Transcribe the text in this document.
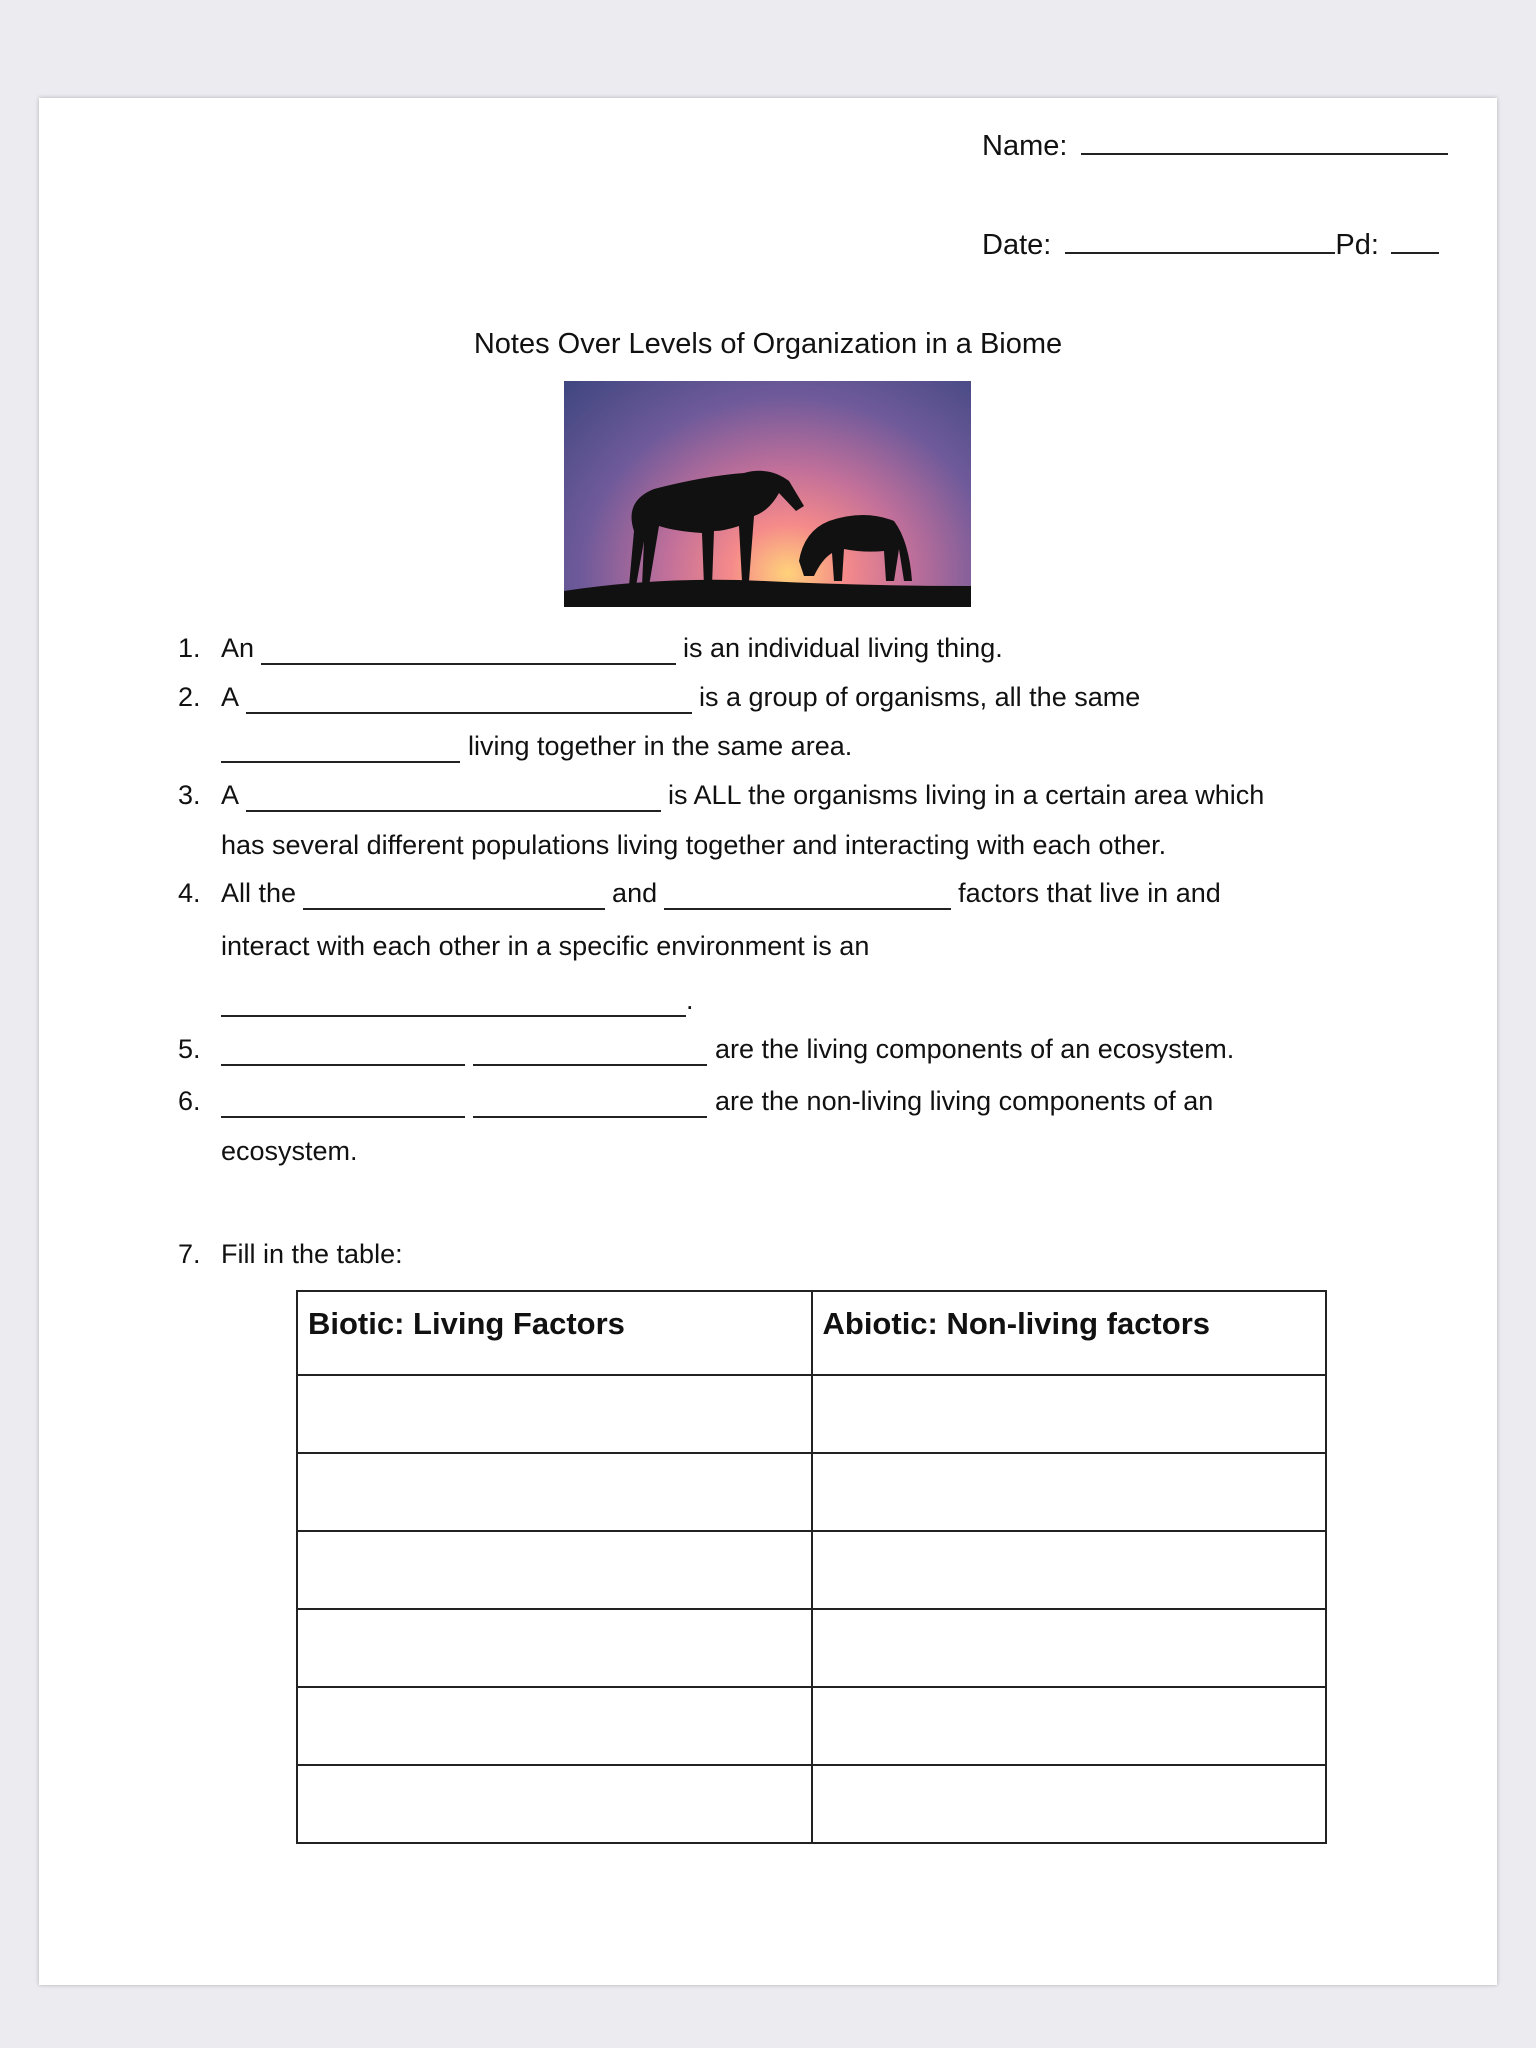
Name:
Date:	Pd:
Notes Over Levels of Organization in a Biome
1. An	is an individual living thing.
2. A	is a group of organisms, all the same
living together in the same area.
3. A	is ALL the organisms living in a certain area which
has several different populations living together and interacting with each other.
4. All the	and	factors that live in and
interact with each other in a specific environment is an
.
5.	are the living components of an ecosystem.
6.	are the non-living living components of an
ecosystem.
7. Fill in the table:
Biotic: Living Factors	Abiotic: Non-living factors
